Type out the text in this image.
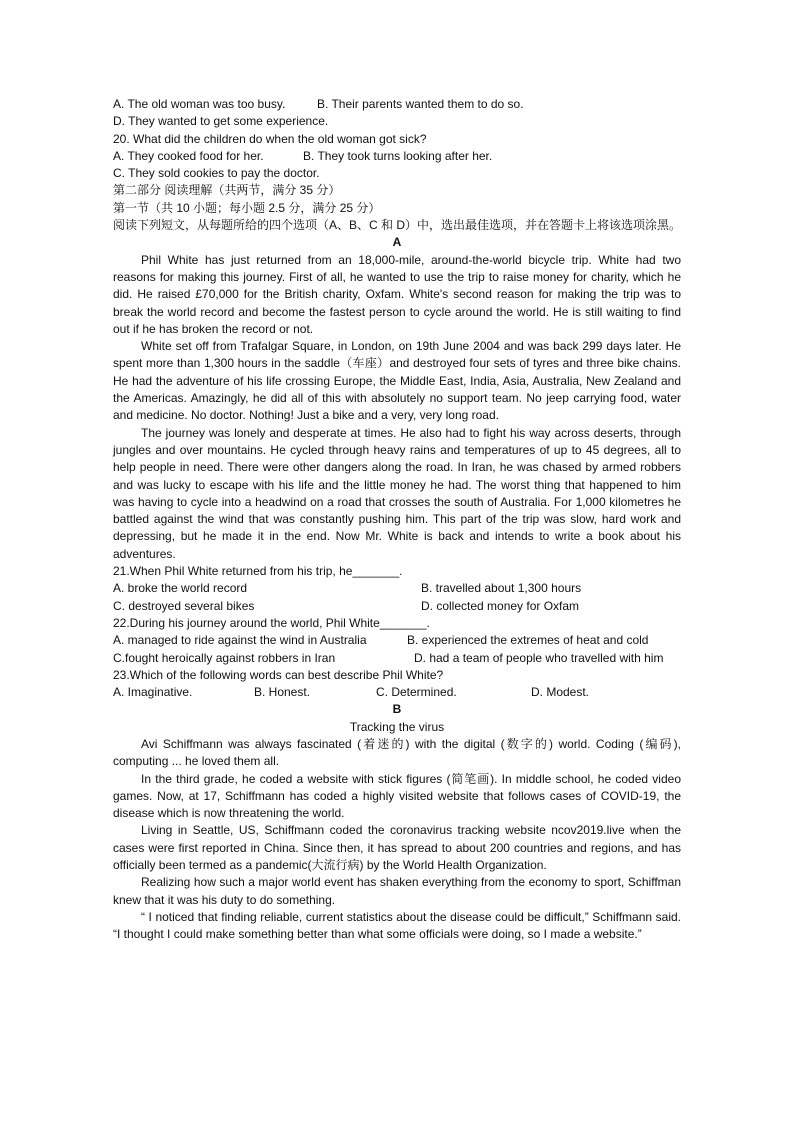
A. The old woman was too busy.	B. Their parents wanted them to do so.
D. They wanted to get some experience.
20. What did the children do when the old woman got sick?
A. They cooked food for her.	B. They took turns looking after her.
C. They sold cookies to pay the doctor.
第二部分 阅读理解（共两节，满分 35 分）
第一节（共 10 小题；每小题 2.5 分，满分 25 分）
阅读下列短文，从每题所给的四个选项（A、B、C 和 D）中，选出最佳选项，并在答题卡上将该选项涂黑。
A

Phil White has just returned from an 18,000-mile, around-the-world bicycle trip. White had two reasons for making this journey. First of all, he wanted to use the trip to raise money for charity, which he did. He raised £70,000 for the British charity, Oxfam. White's second reason for making the trip was to break the world record and become the fastest person to cycle around the world. He is still waiting to find out if he has broken the record or not.

White set off from Trafalgar Square, in London, on 19th June 2004 and was back 299 days later. He spent more than 1,300 hours in the saddle（车座）and destroyed four sets of tyres and three bike chains. He had the adventure of his life crossing Europe, the Middle East, India, Asia, Australia, New Zealand and the Americas. Amazingly, he did all of this with absolutely no support team. No jeep carrying food, water and medicine. No doctor. Nothing! Just a bike and a very, very long road.

The journey was lonely and desperate at times. He also had to fight his way across deserts, through jungles and over mountains. He cycled through heavy rains and temperatures of up to 45 degrees, all to help people in need. There were other dangers along the road. In Iran, he was chased by armed robbers and was lucky to escape with his life and the little money he had. The worst thing that happened to him was having to cycle into a headwind on a road that crosses the south of Australia. For 1,000 kilometres he battled against the wind that was constantly pushing him. This part of the trip was slow, hard work and depressing, but he made it in the end. Now Mr. White is back and intends to write a book about his adventures.

21.When Phil White returned from his trip, he_______.
A. broke the world record	B. travelled about 1,300 hours
C. destroyed several bikes	D. collected money for Oxfam
22.During his journey around the world, Phil White_______.
A. managed to ride against the wind in Australia	B. experienced the extremes of heat and cold
C.fought heroically against robbers in Iran	D. had a team of people who travelled with him
23.Which of the following words can best describe Phil White?
A. Imaginative.	B. Honest.	C. Determined.	D. Modest.
B
Tracking the virus

Avi Schiffmann was always fascinated (着迷的) with the digital (数字的) world. Coding (编码), computing ... he loved them all.

In the third grade, he coded a website with stick figures (简笔画). In middle school, he coded video games. Now, at 17, Schiffmann has coded a highly visited website that follows cases of COVID-19, the disease which is now threatening the world.

Living in Seattle, US, Schiffmann coded the coronavirus tracking website ncov2019.live when the cases were first reported in China. Since then, it has spread to about 200 countries and regions, and has officially been termed as a pandemic(大流行病) by the World Health Organization.

Realizing how such a major world event has shaken everything from the economy to sport, Schiffman knew that it was his duty to do something.

“ I noticed that finding reliable, current statistics about the disease could be difficult,” Schiffmann said. “I thought I could make something better than what some officials were doing, so I made a website.”
